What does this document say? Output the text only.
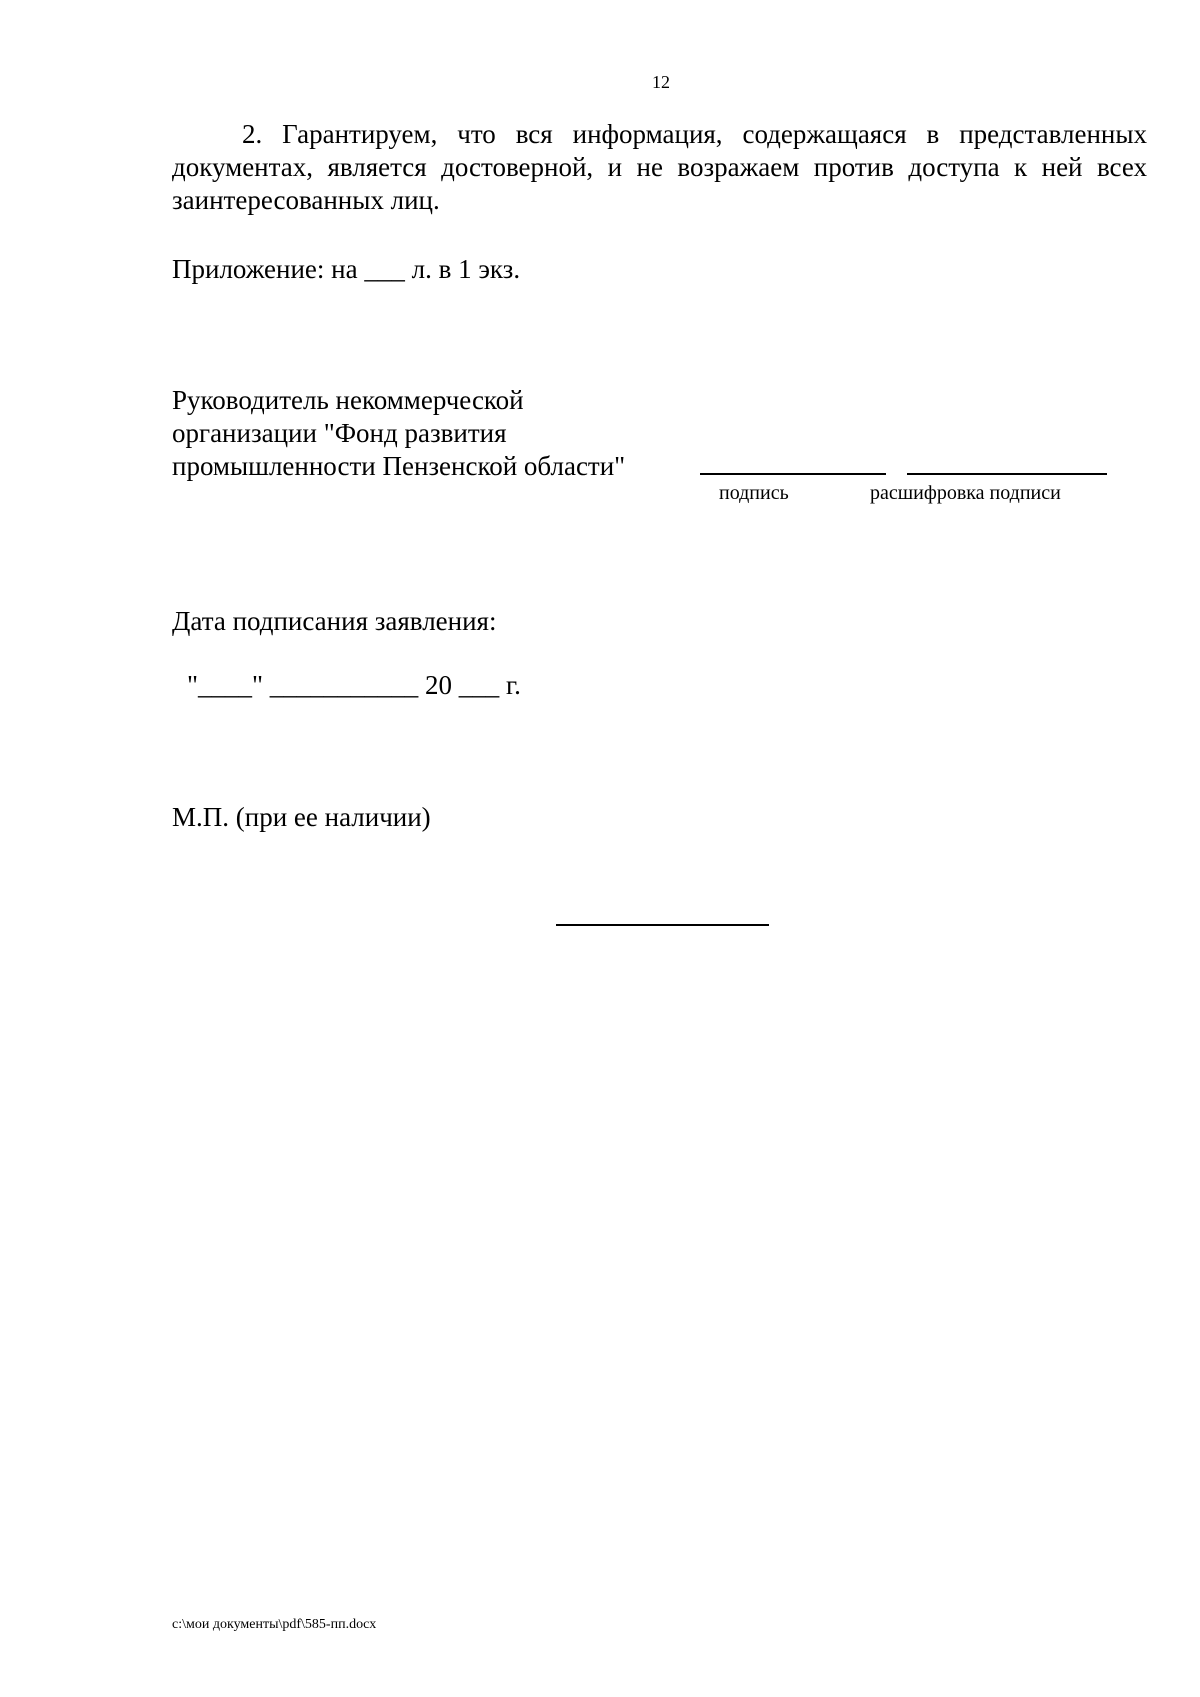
12
2. Гарантируем, что вся информация, содержащаяся в представленных документах, является достоверной, и не возражаем против доступа к ней всех заинтересованных лиц.
Приложение: на ___ л. в 1 экз.
Руководитель некоммерческой
организации "Фонд развития
промышленности Пензенской области"
подпись	расшифровка подписи
Дата подписания заявления:
"____" ___________ 20 ___ г.
М.П. (при ее наличии)
c:\мои документы\pdf\585-пп.docx
